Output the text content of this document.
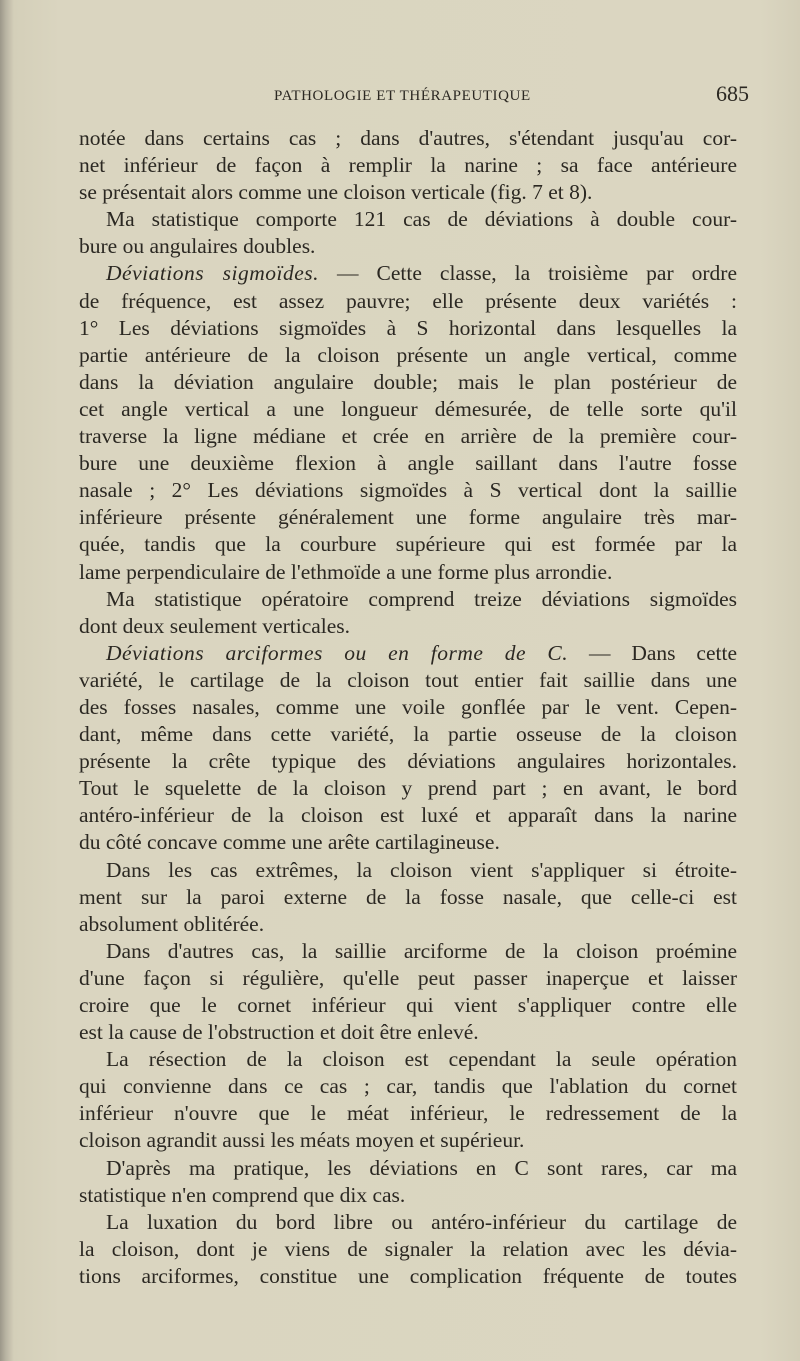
PATHOLOGIE ET THÉRAPEUTIQUE	685
notée dans certains cas ; dans d'autres, s'étendant jusqu'au cor-
net inférieur de façon à remplir la narine ; sa face antérieure
se présentait alors comme une cloison verticale (fig. 7 et 8).
Ma statistique comporte 121 cas de déviations à double cour-
bure ou angulaires doubles.
Déviations sigmoïdes. — Cette classe, la troisième par ordre
de fréquence, est assez pauvre; elle présente deux variétés :
1° Les déviations sigmoïdes à S horizontal dans lesquelles la
partie antérieure de la cloison présente un angle vertical, comme
dans la déviation angulaire double; mais le plan postérieur de
cet angle vertical a une longueur démesurée, de telle sorte qu'il
traverse la ligne médiane et crée en arrière de la première cour-
bure une deuxième flexion à angle saillant dans l'autre fosse
nasale ; 2° Les déviations sigmoïdes à S vertical dont la saillie
inférieure présente généralement une forme angulaire très mar-
quée, tandis que la courbure supérieure qui est formée par la
lame perpendiculaire de l'ethmoïde a une forme plus arrondie.
Ma statistique opératoire comprend treize déviations sigmoïdes
dont deux seulement verticales.
Déviations arciformes ou en forme de C. — Dans cette
variété, le cartilage de la cloison tout entier fait saillie dans une
des fosses nasales, comme une voile gonflée par le vent. Cepen-
dant, même dans cette variété, la partie osseuse de la cloison
présente la crête typique des déviations angulaires horizontales.
Tout le squelette de la cloison y prend part ; en avant, le bord
antéro-inférieur de la cloison est luxé et apparaît dans la narine
du côté concave comme une arête cartilagineuse.
Dans les cas extrêmes, la cloison vient s'appliquer si étroite-
ment sur la paroi externe de la fosse nasale, que celle-ci est
absolument oblitérée.
Dans d'autres cas, la saillie arciforme de la cloison proémine
d'une façon si régulière, qu'elle peut passer inaperçue et laisser
croire que le cornet inférieur qui vient s'appliquer contre elle
est la cause de l'obstruction et doit être enlevé.
La résection de la cloison est cependant la seule opération
qui convienne dans ce cas ; car, tandis que l'ablation du cornet
inférieur n'ouvre que le méat inférieur, le redressement de la
cloison agrandit aussi les méats moyen et supérieur.
D'après ma pratique, les déviations en C sont rares, car ma
statistique n'en comprend que dix cas.
La luxation du bord libre ou antéro-inférieur du cartilage de
la cloison, dont je viens de signaler la relation avec les dévia-
tions arciformes, constitue une complication fréquente de toutes
